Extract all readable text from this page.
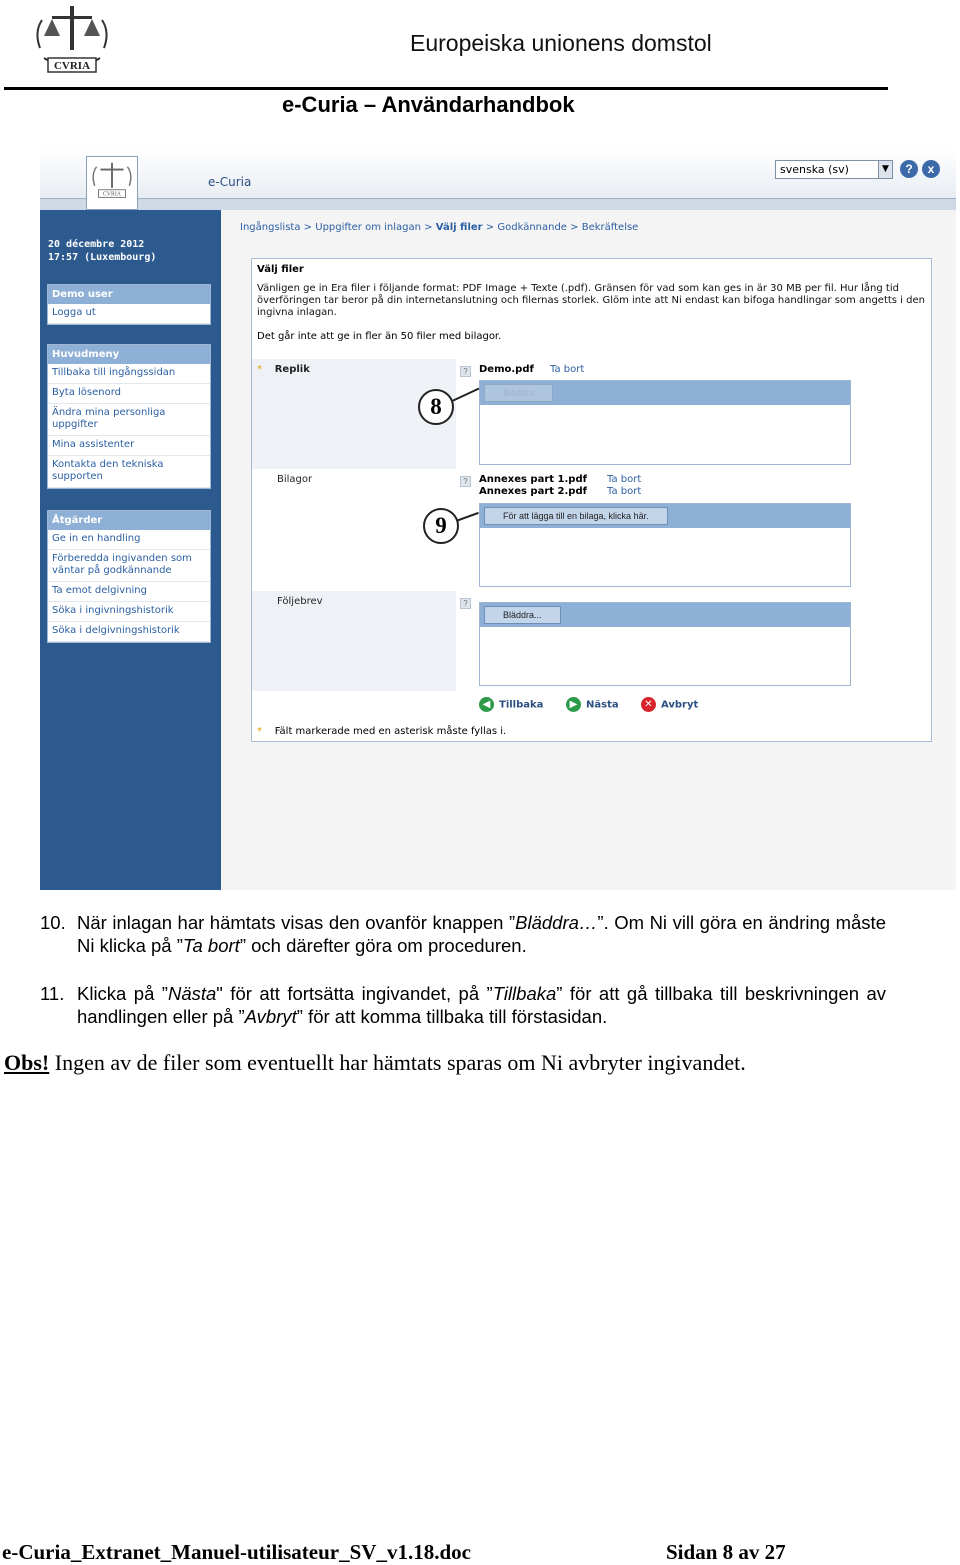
CVRIA
Europeiska unionens domstol
e-Curia – Användarhandbok
CVRIA
e-Curia
svenska (sv)	▼	?	x
20 décembre 2012
17:57 (Luxembourg)
Demo user
Logga ut
Huvudmeny
Tillbaka till ingångssidan
Byta lösenord
Ändra mina personliga uppgifter
Mina assistenter
Kontakta den tekniska supporten
Åtgärder
Ge in en handling
Förberedda ingivanden som väntar på godkännande
Ta emot delgivning
Söka i ingivningshistorik
Söka i delgivningshistorik
Ingångslista > Uppgifter om inlagan > Välj filer > Godkännande > Bekräftelse
Välj filer
Vänligen ge in Era filer i följande format: PDF Image + Texte (.pdf). Gränsen för vad som kan ges in är 30 MB per fil. Hur lång tid överföringen tar beror på din internetanslutning och filernas storlek. Glöm inte att Ni endast kan bifoga handlingar som angetts i den ingivna inlagan.
Det går inte att ge in fler än 50 filer med bilagor.
* Replik	?	Demo.pdf Ta bort
Bläddra
Bilagor	?	Annexes part 1.pdf Ta bort
Annexes part 2.pdf Ta bort
För att lägga till en bilaga, klicka här.
Följebrev	?
Bläddra...
◀ Tillbaka	▶ Nästa	✕ Avbryt
* Fält markerade med en asterisk måste fyllas i.
8
9
10. När inlagan har hämtats visas den ovanför knappen ”Bläddra…”. Om Ni vill göra en ändring måste Ni klicka på ”Ta bort” och därefter göra om proceduren.
11. Klicka på ”Nästa" för att fortsätta ingivandet, på ”Tillbaka” för att gå tillbaka till beskrivningen av handlingen eller på ”Avbryt” för att komma tillbaka till förstasidan.
Obs! Ingen av de filer som eventuellt har hämtats sparas om Ni avbryter ingivandet.
e-Curia_Extranet_Manuel-utilisateur_SV_v1.18.doc	Sidan 8 av 27
